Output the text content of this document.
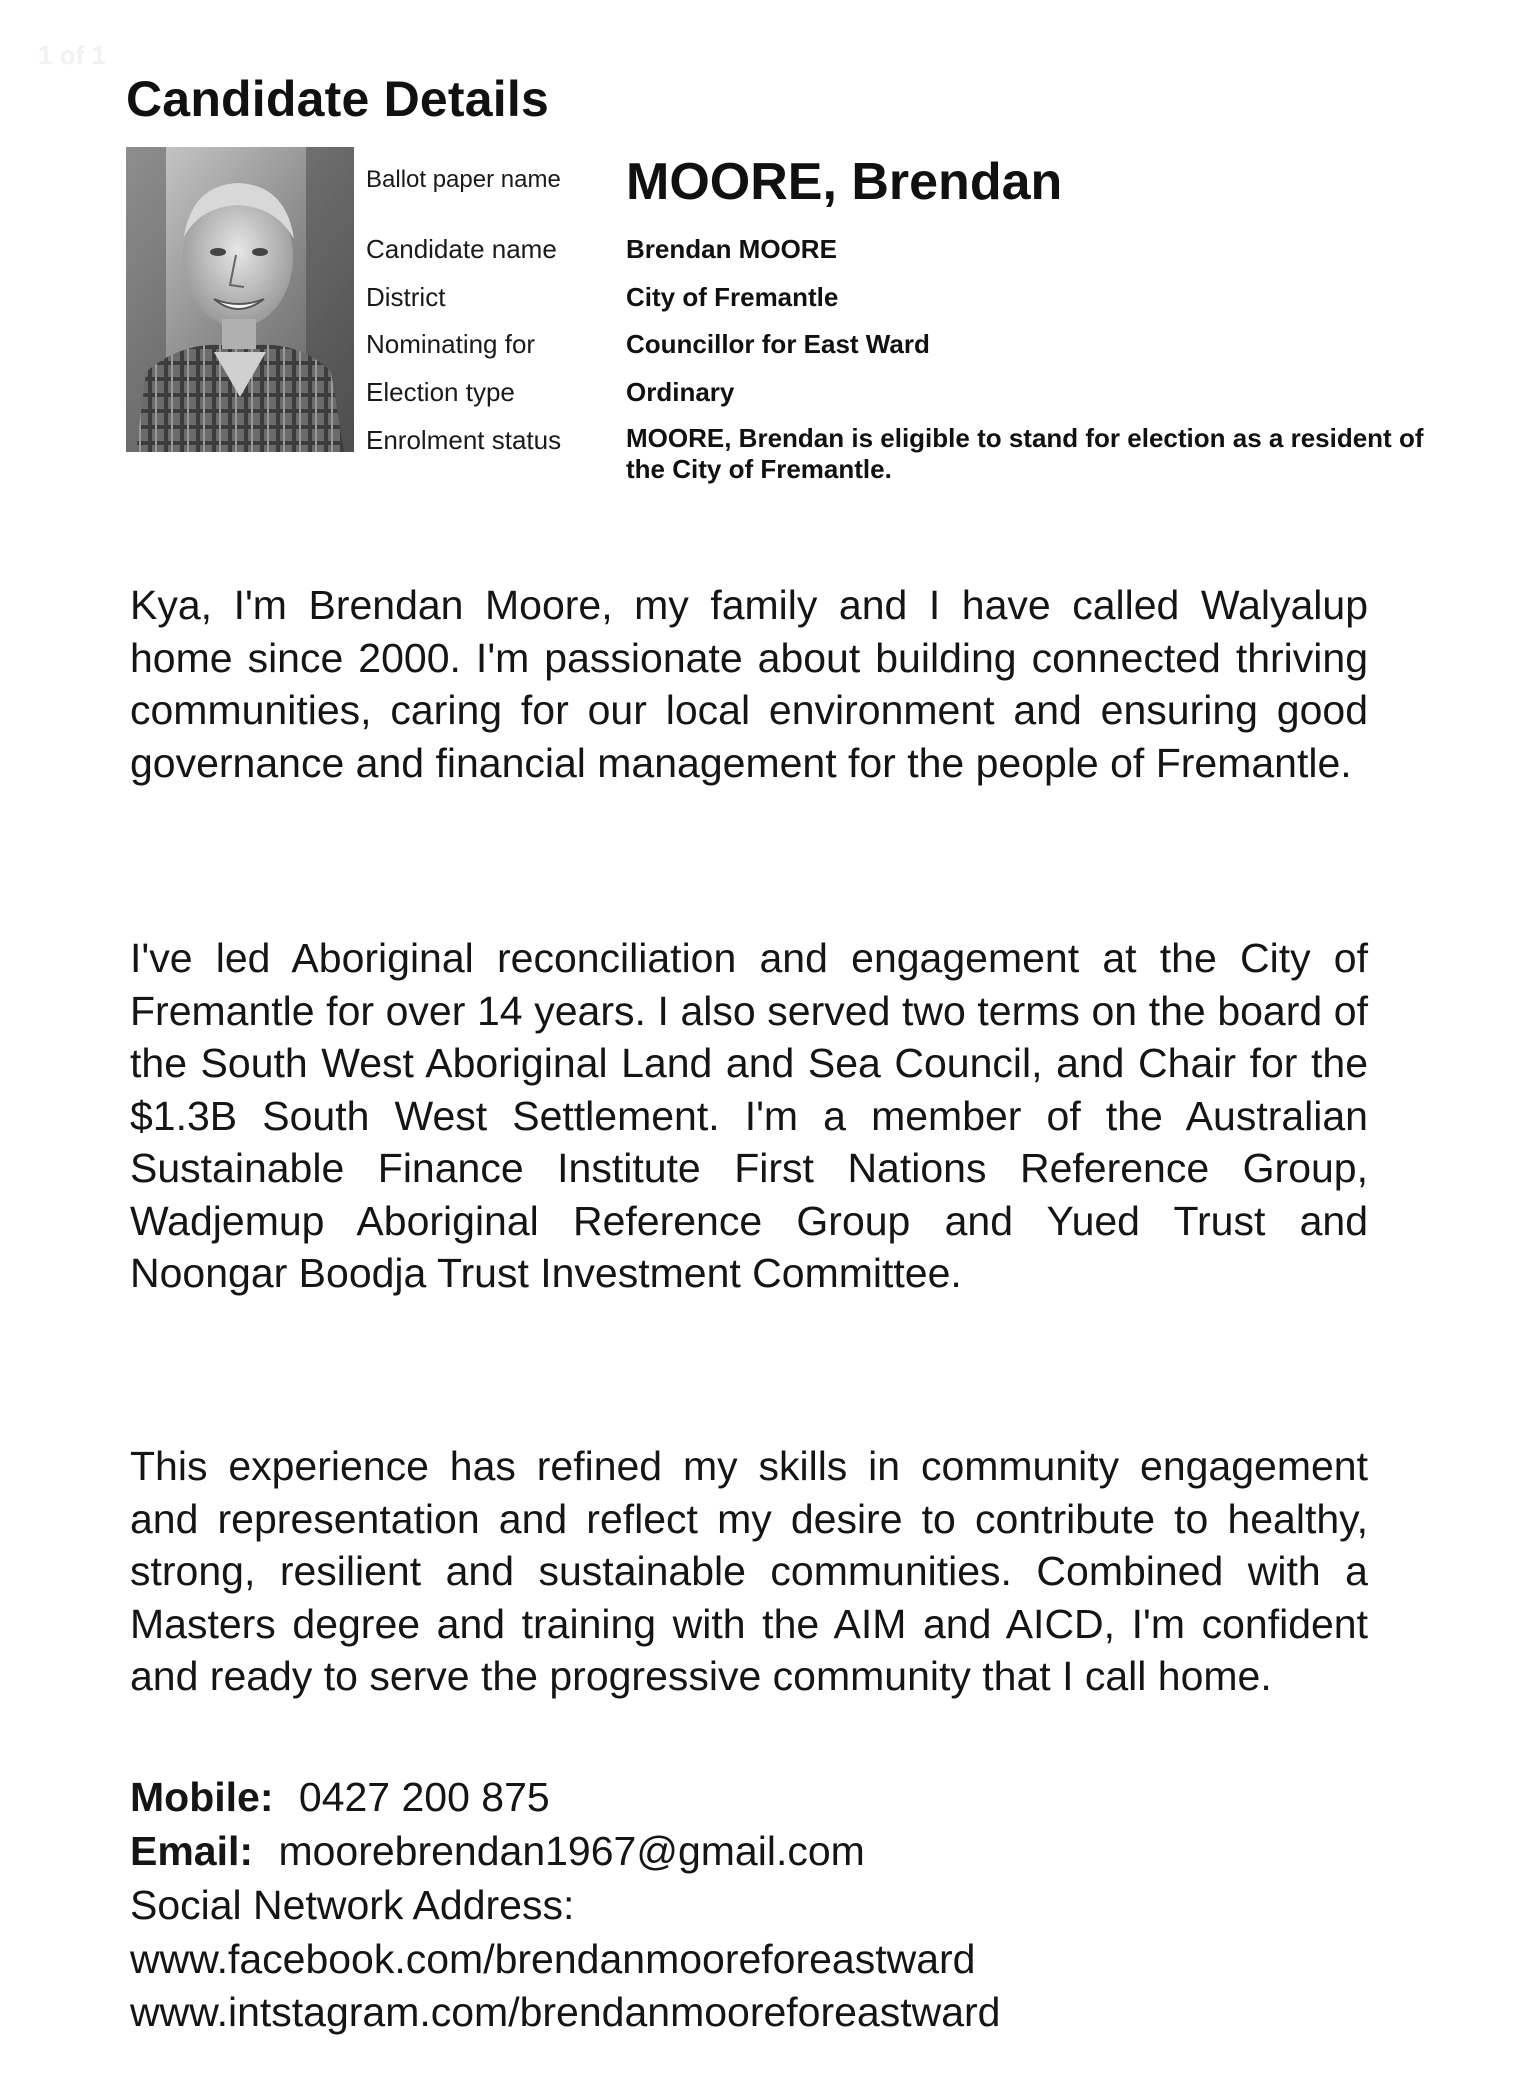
1 of 1
Candidate Details
Ballot paper name MOORE, Brendan
Candidate name	Brendan MOORE
District	City of Fremantle
Nominating for	Councillor for East Ward
Election type	Ordinary
Enrolment status MOORE, Brendan is eligible to stand for election as a resident of the City of Fremantle.

Kya, I'm Brendan Moore, my family and I have called Walyalup home since 2000. I'm passionate about building connected thriving communities, caring for our local environment and ensuring good governance and financial management for the people of Fremantle.

I've led Aboriginal reconciliation and engagement at the City of Fremantle for over 14 years. I also served two terms on the board of the South West Aboriginal Land and Sea Council, and Chair for the $1.3B South West Settlement. I'm a member of the Australian Sustainable Finance Institute First Nations Reference Group, Wadjemup Aboriginal Reference Group and Yued Trust and Noongar Boodja Trust Investment Committee.

This experience has refined my skills in community engagement and representation and reflect my desire to contribute to healthy, strong, resilient and sustainable communities. Combined with a Masters degree and training with the AIM and AICD, I'm confident and ready to serve the progressive community that I call home.

Mobile: 0427 200 875
Email: moorebrendan1967@gmail.com
Social Network Address:
www.facebook.com/brendanmooreforeastward
www.intstagram.com/brendanmooreforeastward
